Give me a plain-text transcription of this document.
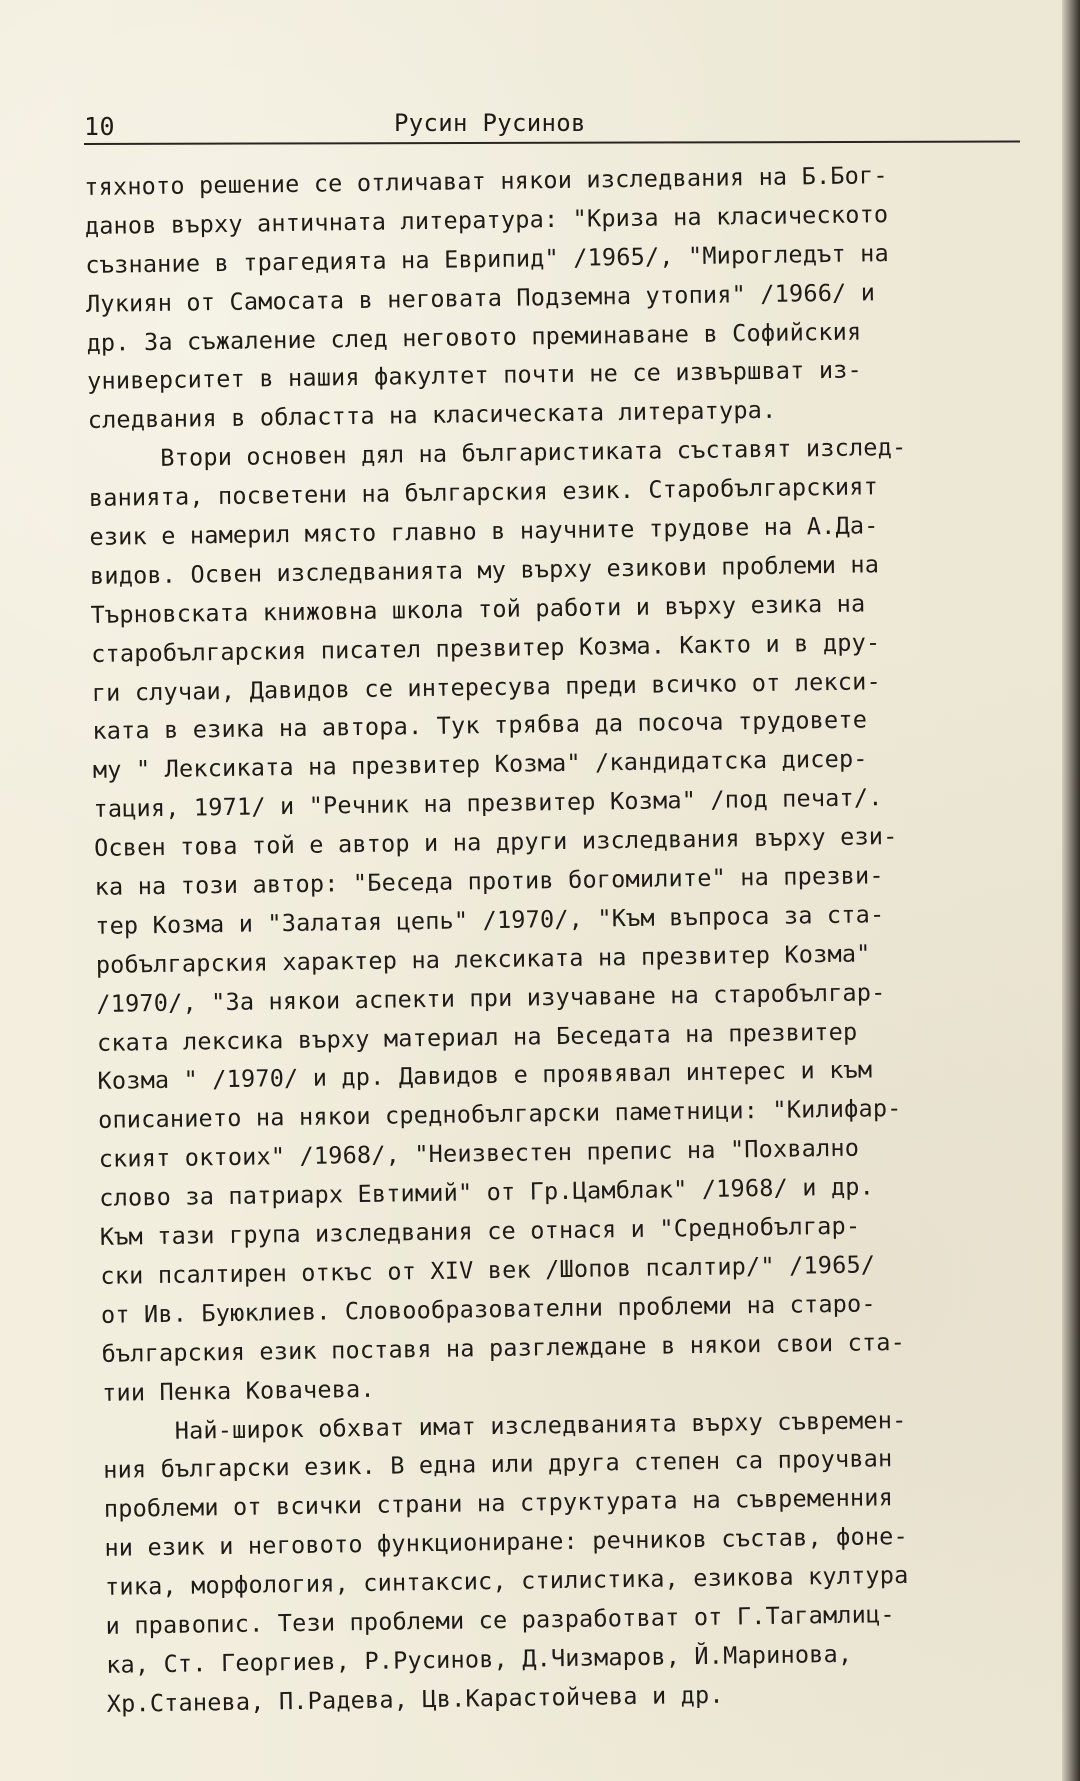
10	Русин Русинов
тяхното решение се отличават някои изследвания на Б.Бог-
данов върху античната литература: "Криза на класическото
съзнание в трагедията на Еврипид" /1965/, "Мирогледът на
Лукиян от Самосата в неговата Подземна утопия" /1966/ и
др. За съжаление след неговото преминаване в Софийския
университет в нашия факултет почти не се извършват из-
следвания в областта на класическата литература.
Втори основен дял на българистиката съставят изслед-
ванията, посветени на българския език. Старобългарският
език е намерил място главно в научните трудове на А.Да-
видов. Освен изследванията му върху езикови проблеми на
Търновската книжовна школа той работи и върху езика на
старобългарския писател презвитер Козма. Както и в дру-
ги случаи, Давидов се интересува преди всичко от лекси-
ката в езика на автора. Тук трябва да посоча трудовете
му " Лексиката на презвитер Козма" /кандидатска дисер-
тация, 1971/ и "Речник на презвитер Козма" /под печат/.
Освен това той е автор и на други изследвания върху ези-
ка на този автор: "Беседа против богомилите" на презви-
тер Козма и "Залатая цепь" /1970/, "Към въпроса за ста-
робългарския характер на лексиката на презвитер Козма"
/1970/, "За някои аспекти при изучаване на старобългар-
ската лексика върху материал на Беседата на презвитер
Козма " /1970/ и др. Давидов е проявявал интерес и към
описанието на някои среднобългарски паметници: "Килифар-
ският октоих" /1968/, "Неизвестен препис на "Похвално
слово за патриарх Евтимий" от Гр.Цамблак" /1968/ и др.
Към тази група изследвания се отнася и "Среднобългар-
ски псалтирен откъс от XIV век /Шопов псалтир/" /1965/
от Ив. Буюклиев. Словообразователни проблеми на старо-
българския език поставя на разглеждане в някои свои ста-
тии Пенка Ковачева.
Най-широк обхват имат изследванията върху съвремен-
ния български език. В една или друга степен са проучван
проблеми от всички страни на структурата на съвременния
ни език и неговото функциониране: речников състав, фоне-
тика, морфология, синтаксис, стилистика, езикова култура
и правопис. Тези проблеми се разработват от Г.Тагамлиц-
ка, Ст. Георгиев, Р.Русинов, Д.Чизмаров, Й.Маринова,
Хр.Станева, П.Радева, Цв.Карастойчева и др.
